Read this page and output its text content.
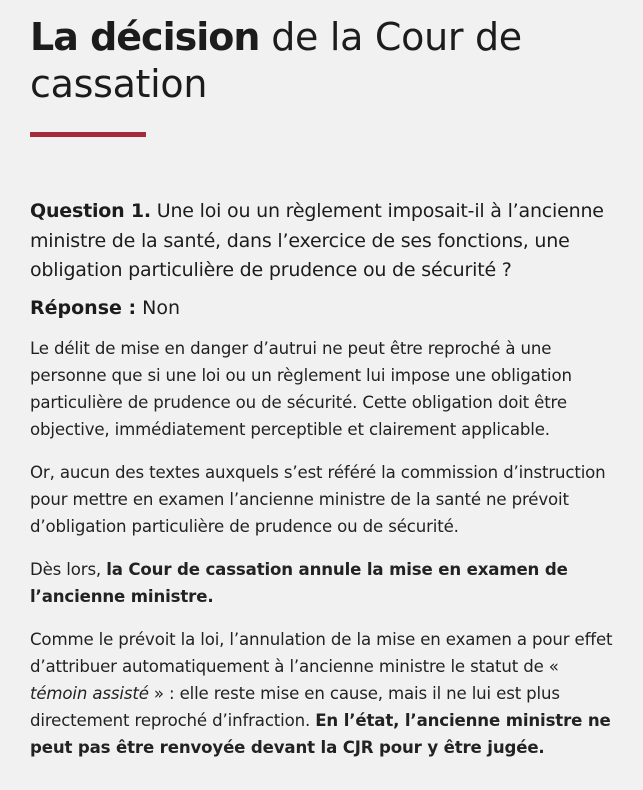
La décision de la Cour de cassation

Question 1. Une loi ou un règlement imposait-il à l’ancienne ministre de la santé, dans l’exercice de ses fonctions, une obligation particulière de prudence ou de sécurité ?

Réponse : Non

Le délit de mise en danger d’autrui ne peut être reproché à une personne que si une loi ou un règlement lui impose une obligation particulière de prudence ou de sécurité. Cette obligation doit être objective, immédiatement perceptible et clairement applicable.

Or, aucun des textes auxquels s’est référé la commission d’instruction pour mettre en examen l’ancienne ministre de la santé ne prévoit d’obligation particulière de prudence ou de sécurité.

Dès lors, la Cour de cassation annule la mise en examen de l’ancienne ministre.

Comme le prévoit la loi, l’annulation de la mise en examen a pour effet d’attribuer automatiquement à l’ancienne ministre le statut de « témoin assisté » : elle reste mise en cause, mais il ne lui est plus directement reproché d’infraction. En l’état, l’ancienne ministre ne peut pas être renvoyée devant la CJR pour y être jugée.
